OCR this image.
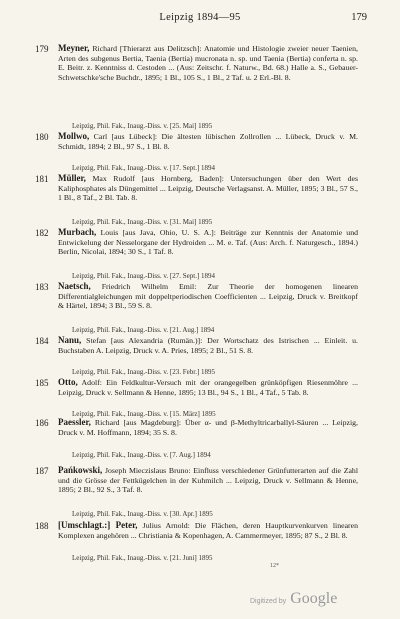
Leipzig 1894—95	179
179 Meyner, Richard [Thierarzt aus Delitzsch]: Anatomie und Histologie zweier neuer Taenien, Arten des subgenus Bertia, Taenia (Bertia) mucronata n. sp. und Taenia (Bertia) conferta n. sp. E. Beitr. z. Kenntniss d. Cestoden ... (Aus: Zeitschr. f. Naturw., Bd. 68.) Halle a. S., Gebauer-Schwetschke'sche Buchdr., 1895; 1 Bl., 105 S., 1 Bl., 2 Taf. u. 2 Erl.-Bl. 8.

Leipzig, Phil. Fak., Inaug.-Diss. v. [25. Mai] 1895

180 Mollwo, Carl [aus Lübeck]: Die ältesten lübischen Zollrollen ... Lübeck, Druck v. M. Schmidt, 1894; 2 Bl., 97 S., 1 Bl. 8.

Leipzig, Phil. Fak., Inaug.-Diss. v. [17. Sept.] 1894

181 Müller, Max Rudolf [aus Hornberg, Baden]: Untersuchungen über den Wert des Kaliphosphates als Düngemittel ... Leipzig, Deutsche Verlagsanst. A. Müller, 1895; 3 Bl., 57 S., 1 Bl., 8 Taf., 2 Bl. Tab. 8.

Leipzig, Phil. Fak., Inaug.-Diss. v. [31. Mai] 1895

182 Murbach, Louis [aus Java, Ohio, U. S. A.]: Beiträge zur Kenntnis der Anatomie und Entwickelung der Nesselorgane der Hydroiden ... M. e. Taf. (Aus: Arch. f. Naturgesch., 1894.) Berlin, Nicolai, 1894; 30 S., 1 Taf. 8.

Leipzig, Phil. Fak., Inaug.-Diss. v. [27. Sept.] 1894

183 Naetsch, Friedrich Wilhelm Emil: Zur Theorie der homogenen linearen Differentialgleichungen mit doppeltperiodischen Coefficienten ... Leipzig, Druck v. Breitkopf & Härtel, 1894; 3 Bl., 59 S. 8.

Leipzig, Phil. Fak., Inaug.-Diss. v. [21. Aug.] 1894

184 Nanu, Stefan [aus Alexandria (Rumän.)]: Der Wortschatz des Istrischen ... Einleit. u. Buchstaben A. Leipzig, Druck v. A. Pries, 1895; 2 Bl., 51 S. 8.

Leipzig, Phil. Fak., Inaug.-Diss. v. [23. Febr.] 1895

185 Otto, Adolf: Ein Feldkultur-Versuch mit der orangegelben grünköpfigen Riesenmöhre ... Leipzig, Druck v. Sellmann & Henne, 1895; 13 Bl., 94 S., 1 Bl., 4 Taf., 5 Tab. 8.

Leipzig, Phil. Fak., Inaug.-Diss. v. [15. März] 1895

186 Paessler, Richard [aus Magdeburg]: Über α- und β-Methyltricarballyl-Säuren ... Leipzig, Druck v. M. Hoffmann, 1894; 35 S. 8.

Leipzig, Phil. Fak., Inaug.-Diss. v. [7. Aug.] 1894

187 Pańkowski, Joseph Mieczislaus Bruno: Einfluss verschiedener Grünfutterarten auf die Zahl und die Grösse der Fettkügelchen in der Kuhmilch ... Leipzig, Druck v. Sellmann & Henne, 1895; 2 Bl., 92 S., 3 Taf. 8.

Leipzig, Phil. Fak., Inaug.-Diss. v. [30. Apr.] 1895

188 [Umschlagt.:] Peter, Julius Arnold: Die Flächen, deren Hauptkurvenkurven linearen Komplexen angehören ... Christiania & Kopenhagen, A. Cammermeyer, 1895; 87 S., 2 Bl. 8.

Leipzig, Phil. Fak., Inaug.-Diss. v. [21. Juni] 1895

12*
Digitized by Google
